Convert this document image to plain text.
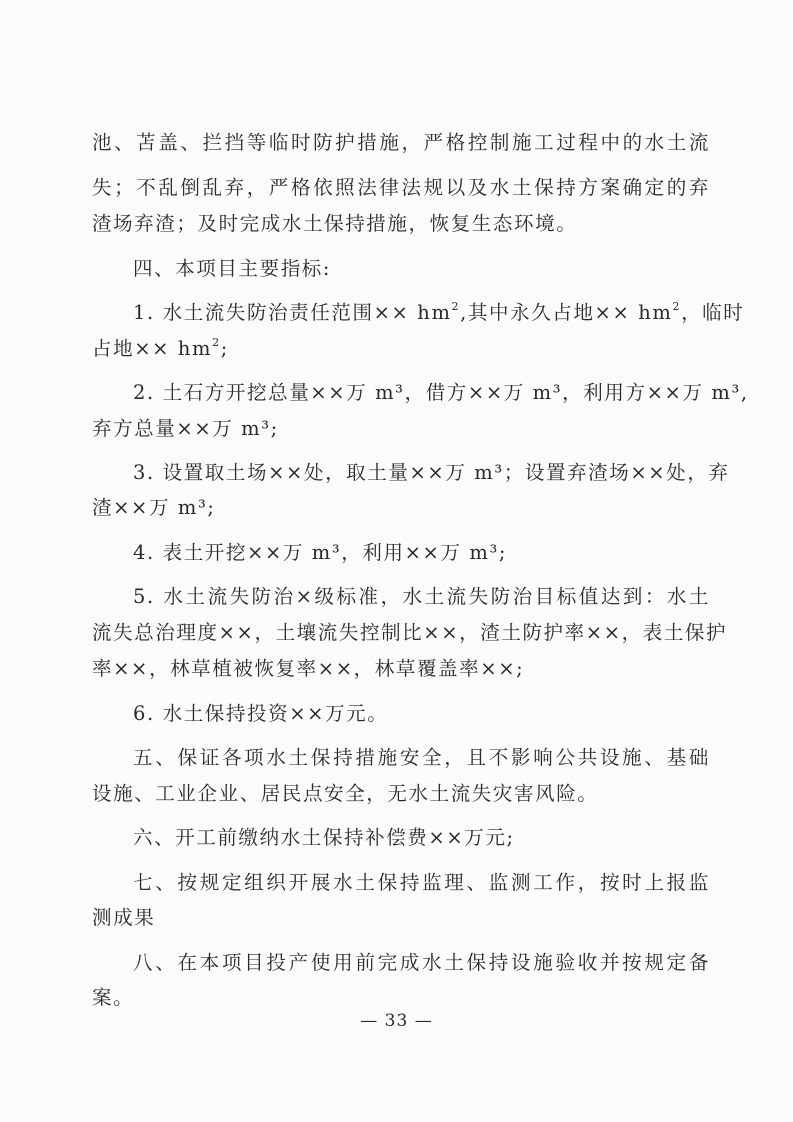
池、苫盖、拦挡等临时防护措施，严格控制施工过程中的水土流
失；不乱倒乱弃，严格依照法律法规以及水土保持方案确定的弃
渣场弃渣；及时完成水土保持措施，恢复生态环境。
四、本项目主要指标:
1. 水土流失防治责任范围×× $hm^2$,其中永久占地×× $hm^2$，临时
占地×× $hm^2$;
2. 土石方开挖总量××万 m³，借方××万 m³，利用方××万 m³,
弃方总量××万 m³;
3. 设置取土场××处，取土量××万 m³；设置弃渣场××处，弃
渣××万 m³;
4. 表土开挖××万 m³，利用××万 m³;
5. 水土流失防治×级标准，水土流失防治目标值达到：水土
流失总治理度××，土壤流失控制比××，渣土防护率××，表土保护
率××，林草植被恢复率××，林草覆盖率××;
6. 水土保持投资××万元。
五、保证各项水土保持措施安全，且不影响公共设施、基础
设施、工业企业、居民点安全，无水土流失灾害风险。
六、开工前缴纳水土保持补偿费××万元;
七、按规定组织开展水土保持监理、监测工作，按时上报监
测成果
八、在本项目投产使用前完成水土保持设施验收并按规定备
案。
— 33 —
